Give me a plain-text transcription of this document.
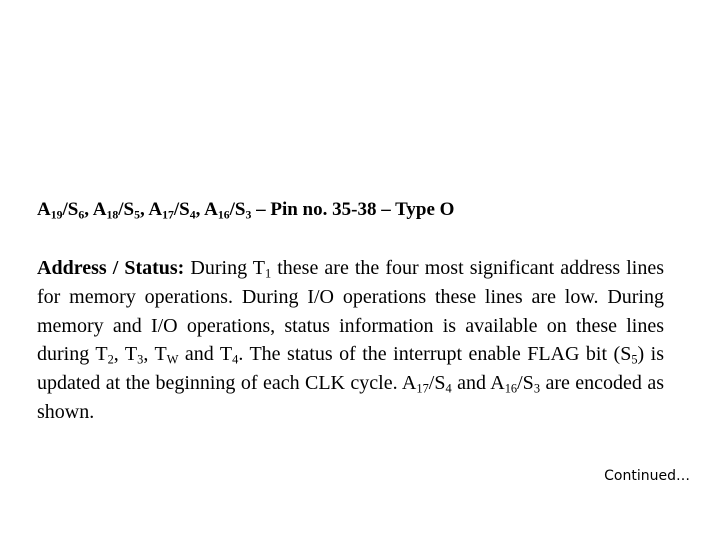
$A_{19}/S_6$, $A_{18}/S_5$, $A_{17}/S_4$, $A_{16}/S_3$ – Pin no. 35-38 – Type O
Address / Status: During $T_1$ these are the four most significant address lines for memory operations. During I/O operations these lines are low. During memory and I/O operations, status information is available on these lines during $T_2$, $T_3$, $T_W$ and $T_4$. The status of the interrupt enable FLAG bit $(S_5)$ is updated at the beginning of each CLK cycle. $A_{17}/S_4$ and $A_{16}/S_3$ are encoded as shown.
Continued…
